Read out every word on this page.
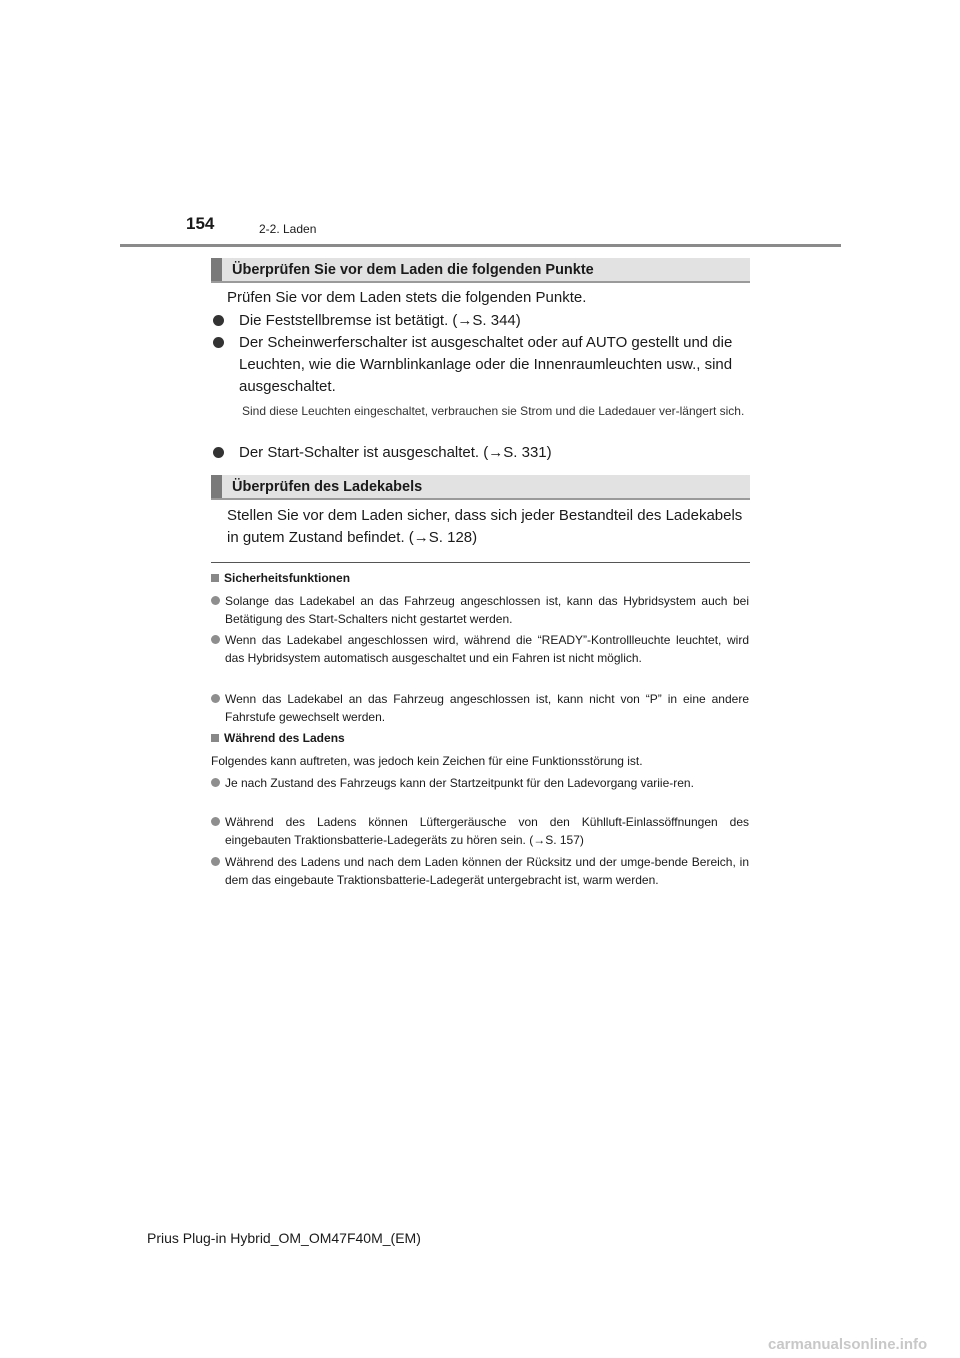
154	2-2. Laden
Überprüfen Sie vor dem Laden die folgenden Punkte
Prüfen Sie vor dem Laden stets die folgenden Punkte.
Die Feststellbremse ist betätigt. (→S. 344)
Der Scheinwerferschalter ist ausgeschaltet oder auf AUTO gestellt und die Leuchten, wie die Warnblinkanlage oder die Innenraumleuchten usw., sind ausgeschaltet.
Sind diese Leuchten eingeschaltet, verbrauchen sie Strom und die Ladedauer ver-längert sich.
Der Start-Schalter ist ausgeschaltet. (→S. 331)
Überprüfen des Ladekabels
Stellen Sie vor dem Laden sicher, dass sich jeder Bestandteil des Ladekabels in gutem Zustand befindet. (→S. 128)
Sicherheitsfunktionen
Solange das Ladekabel an das Fahrzeug angeschlossen ist, kann das Hybridsystem auch bei Betätigung des Start-Schalters nicht gestartet werden.
Wenn das Ladekabel angeschlossen wird, während die “READY”-Kontrollleuchte leuchtet, wird das Hybridsystem automatisch ausgeschaltet und ein Fahren ist nicht möglich.
Wenn das Ladekabel an das Fahrzeug angeschlossen ist, kann nicht von “P” in eine andere Fahrstufe gewechselt werden.
Während des Ladens
Folgendes kann auftreten, was jedoch kein Zeichen für eine Funktionsstörung ist.
Je nach Zustand des Fahrzeugs kann der Startzeitpunkt für den Ladevorgang variie-ren.
Während des Ladens können Lüftergeräusche von den Kühlluft-Einlassöffnungen des eingebauten Traktionsbatterie-Ladegeräts zu hören sein. (→S. 157)
Während des Ladens und nach dem Laden können der Rücksitz und der umge-bende Bereich, in dem das eingebaute Traktionsbatterie-Ladegerät untergebracht ist, warm werden.
Prius Plug-in Hybrid_OM_OM47F40M_(EM)
carmanualsonline.info
